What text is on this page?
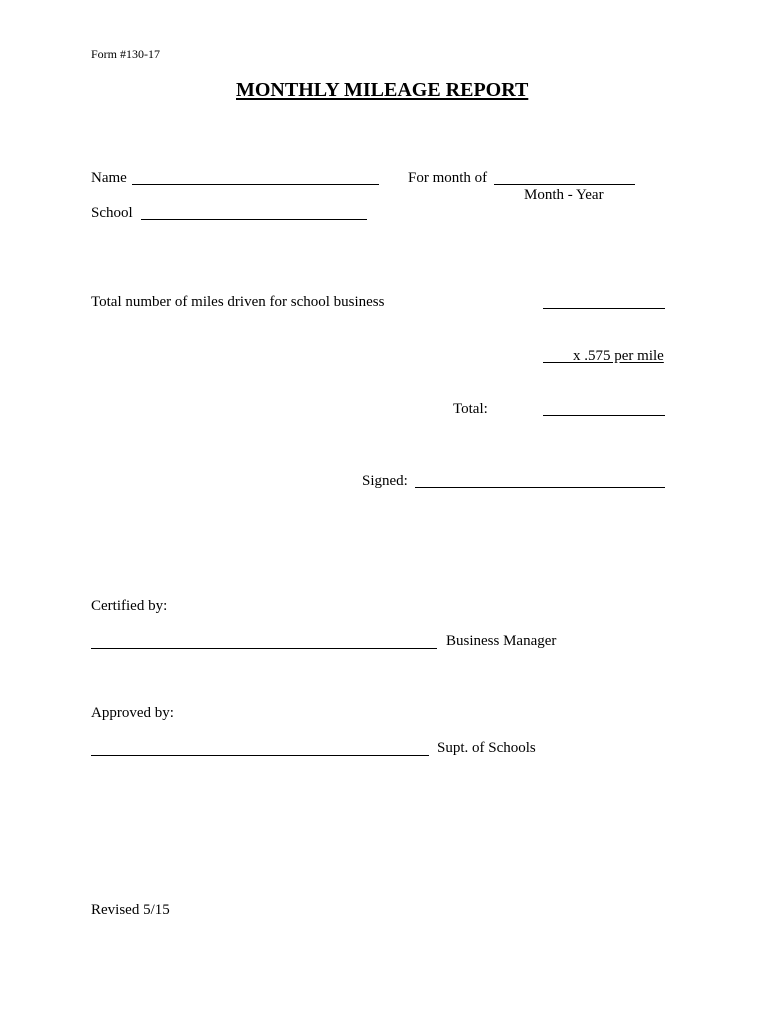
Form #130-17
MONTHLY MILEAGE REPORT
Name	For month of
Month - Year
School
Total number of miles driven for school business
x .575 per mile
Total:
Signed:
Certified by:
Business Manager
Approved by:
Supt. of Schools
Revised 5/15
